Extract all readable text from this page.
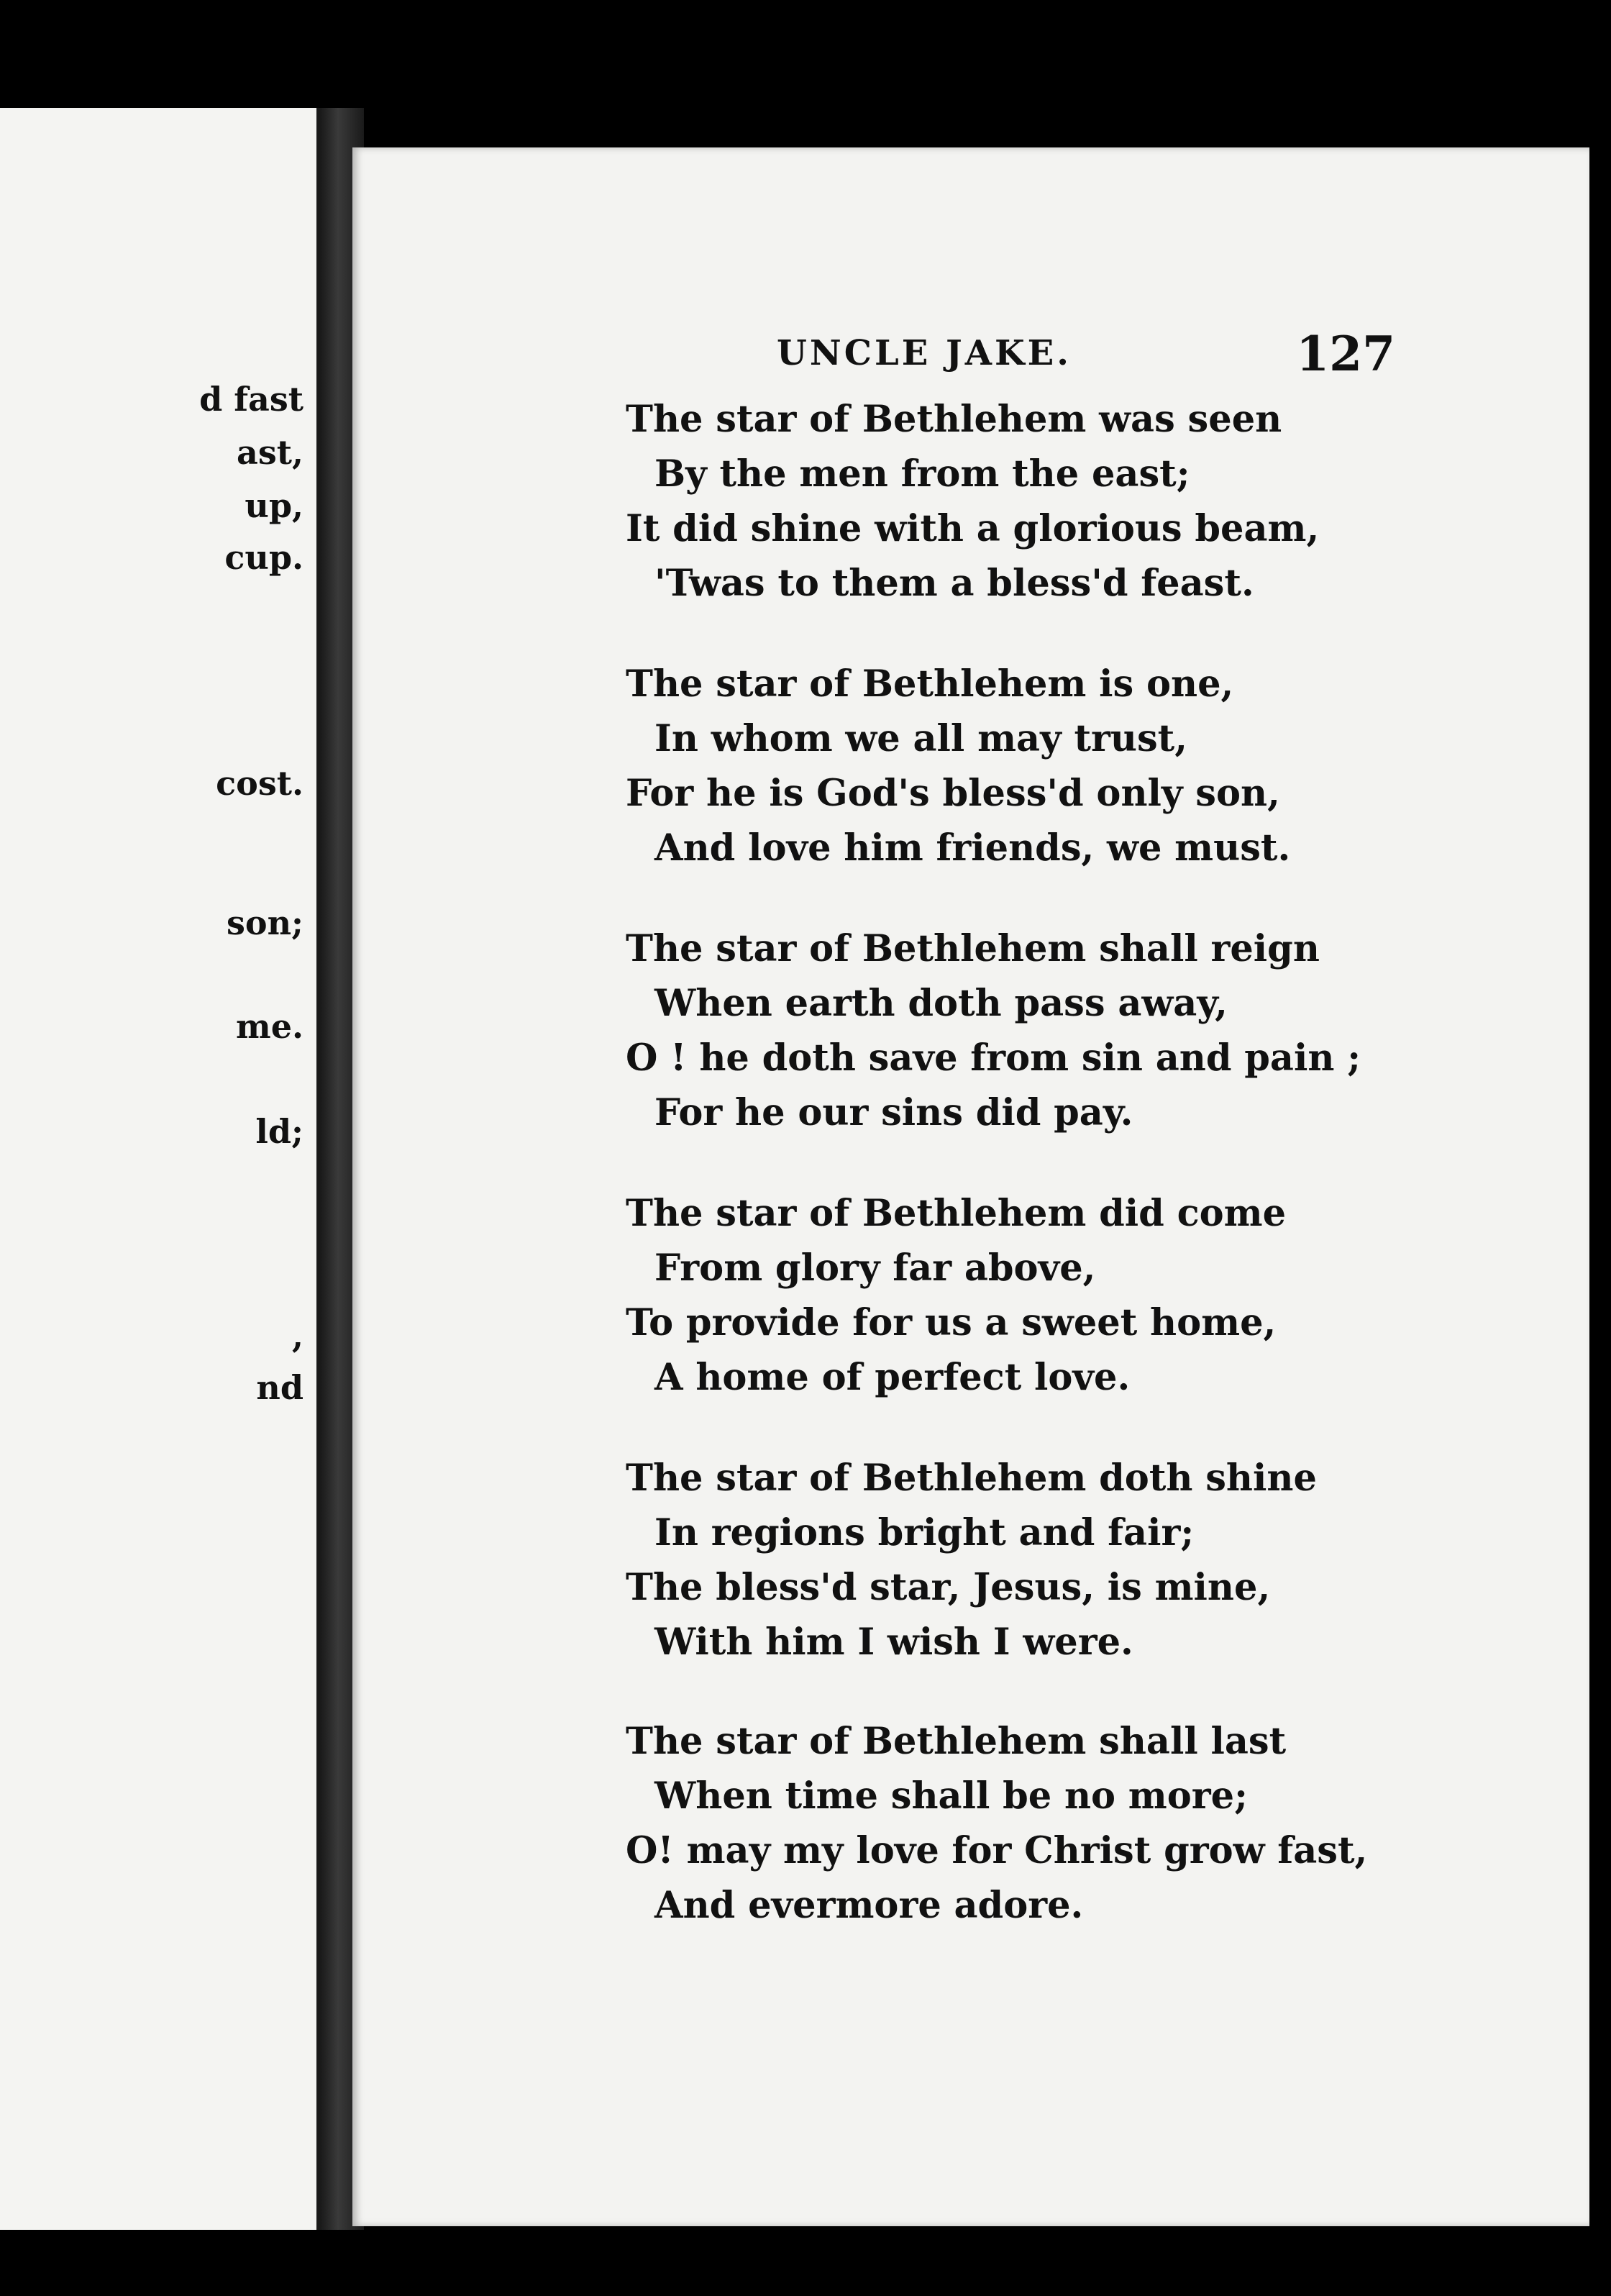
d fast
ast,
up,
cup.
cost.
son;
me.
ld;
,
nd
UNCLE JAKE.	127
The star of Bethlehem was seen
By the men from the east;
It did shine with a glorious beam,
'Twas to them a bless'd feast.
The star of Bethlehem is one,
In whom we all may trust,
For he is God's bless'd only son,
And love him friends, we must.
The star of Bethlehem shall reign
When earth doth pass away,
O ! he doth save from sin and pain ;
For he our sins did pay.
The star of Bethlehem did come
From glory far above,
To provide for us a sweet home,
A home of perfect love.
The star of Bethlehem doth shine
In regions bright and fair;
The bless'd star, Jesus, is mine,
With him I wish I were.
The star of Bethlehem shall last
When time shall be no more;
O! may my love for Christ grow fast,
And evermore adore.
